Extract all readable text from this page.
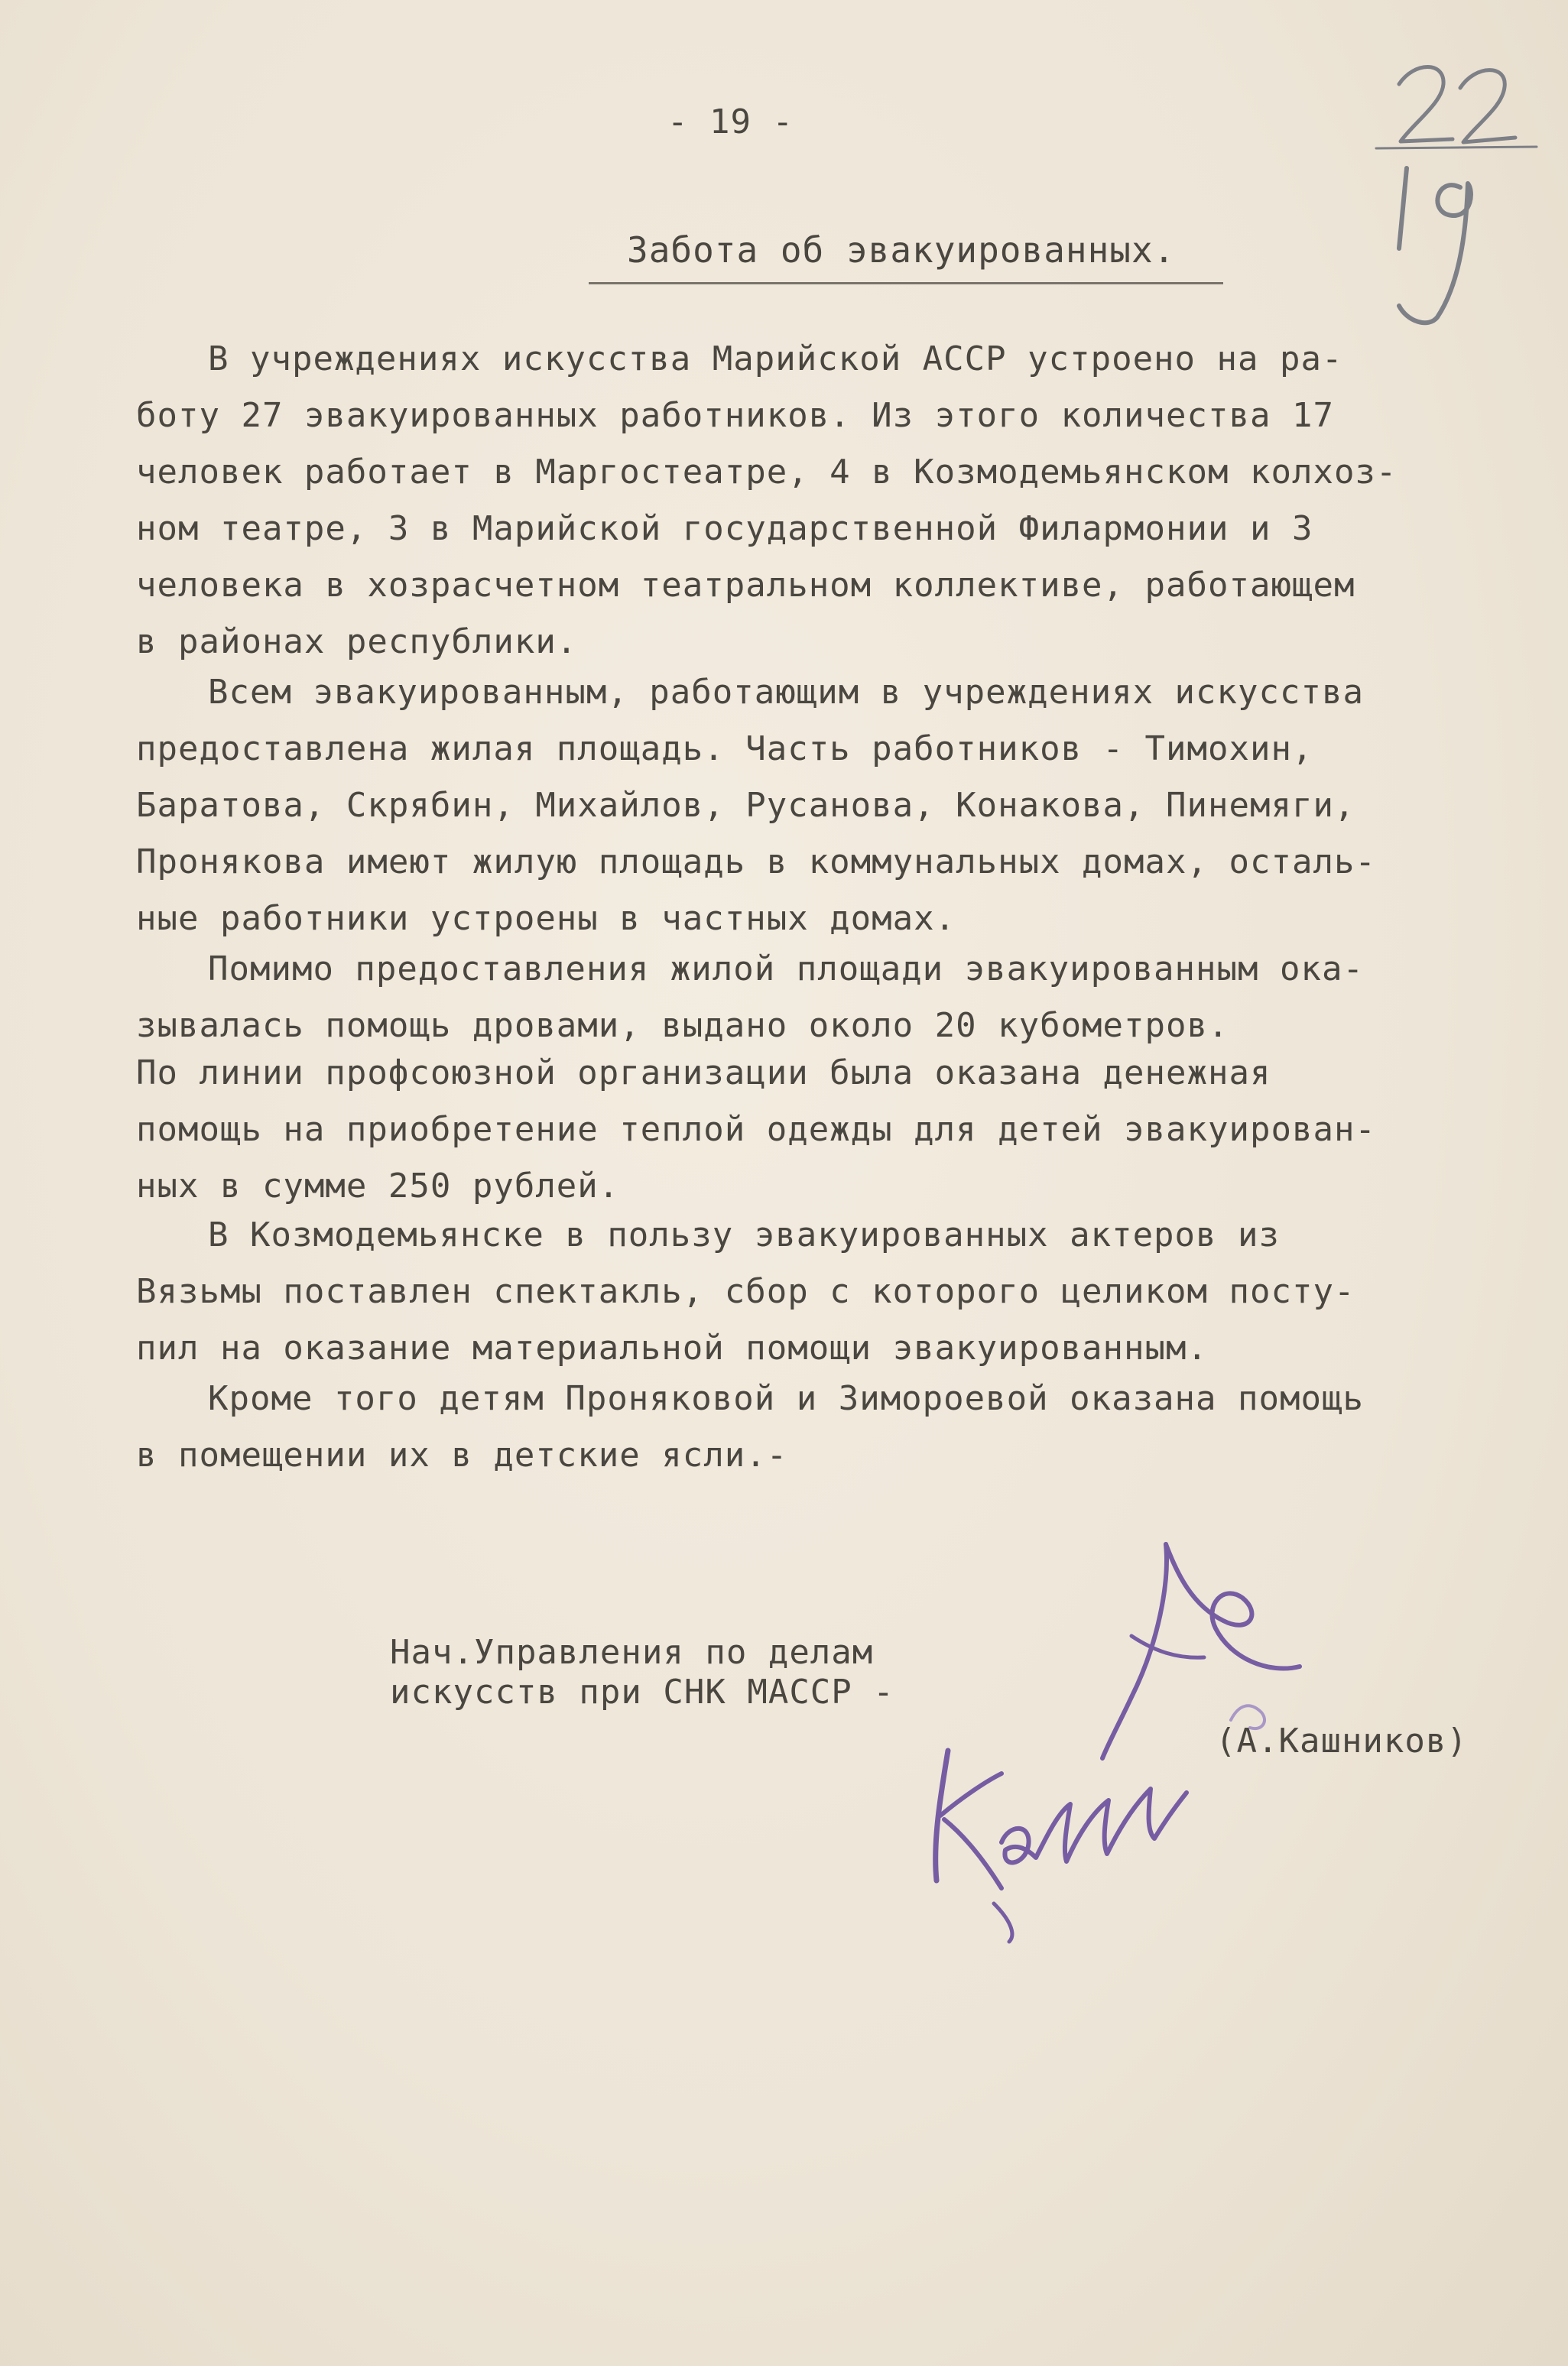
- 19 -
Забота об эвакуированных.
В учреждениях искусства Марийской АССР устроено на ра-
боту 27 эвакуированных работников. Из этого количества 17
человек работает в Маргостеатре, 4 в Козмодемьянском колхоз-
ном театре, 3 в Марийской государственной Филармонии и 3
человека в хозрасчетном театральном коллективе, работающем
в районах республики.
Всем эвакуированным, работающим в учреждениях искусства
предоставлена жилая площадь. Часть работников - Тимохин,
Баратова, Скрябин, Михайлов, Русанова, Конакова, Пинемяги,
Пронякова имеют жилую площадь в коммунальных домах, осталь-
ные работники устроены в частных домах.
Помимо предоставления жилой площади эвакуированным ока-
зывалась помощь дровами, выдано около 20 кубометров.
По линии профсоюзной организации была оказана денежная
помощь на приобретение теплой одежды для детей эвакуирован-
ных в сумме 250 рублей.
В Козмодемьянске в пользу эвакуированных актеров из
Вязьмы поставлен спектакль, сбор с которого целиком посту-
пил на оказание материальной помощи эвакуированным.
Кроме того детям Проняковой и Зимороевой оказана помощь
в помещении их в детские ясли.-
Нач.Управления по делам
искусств при СНК МАССР -
(А.Кашников)
